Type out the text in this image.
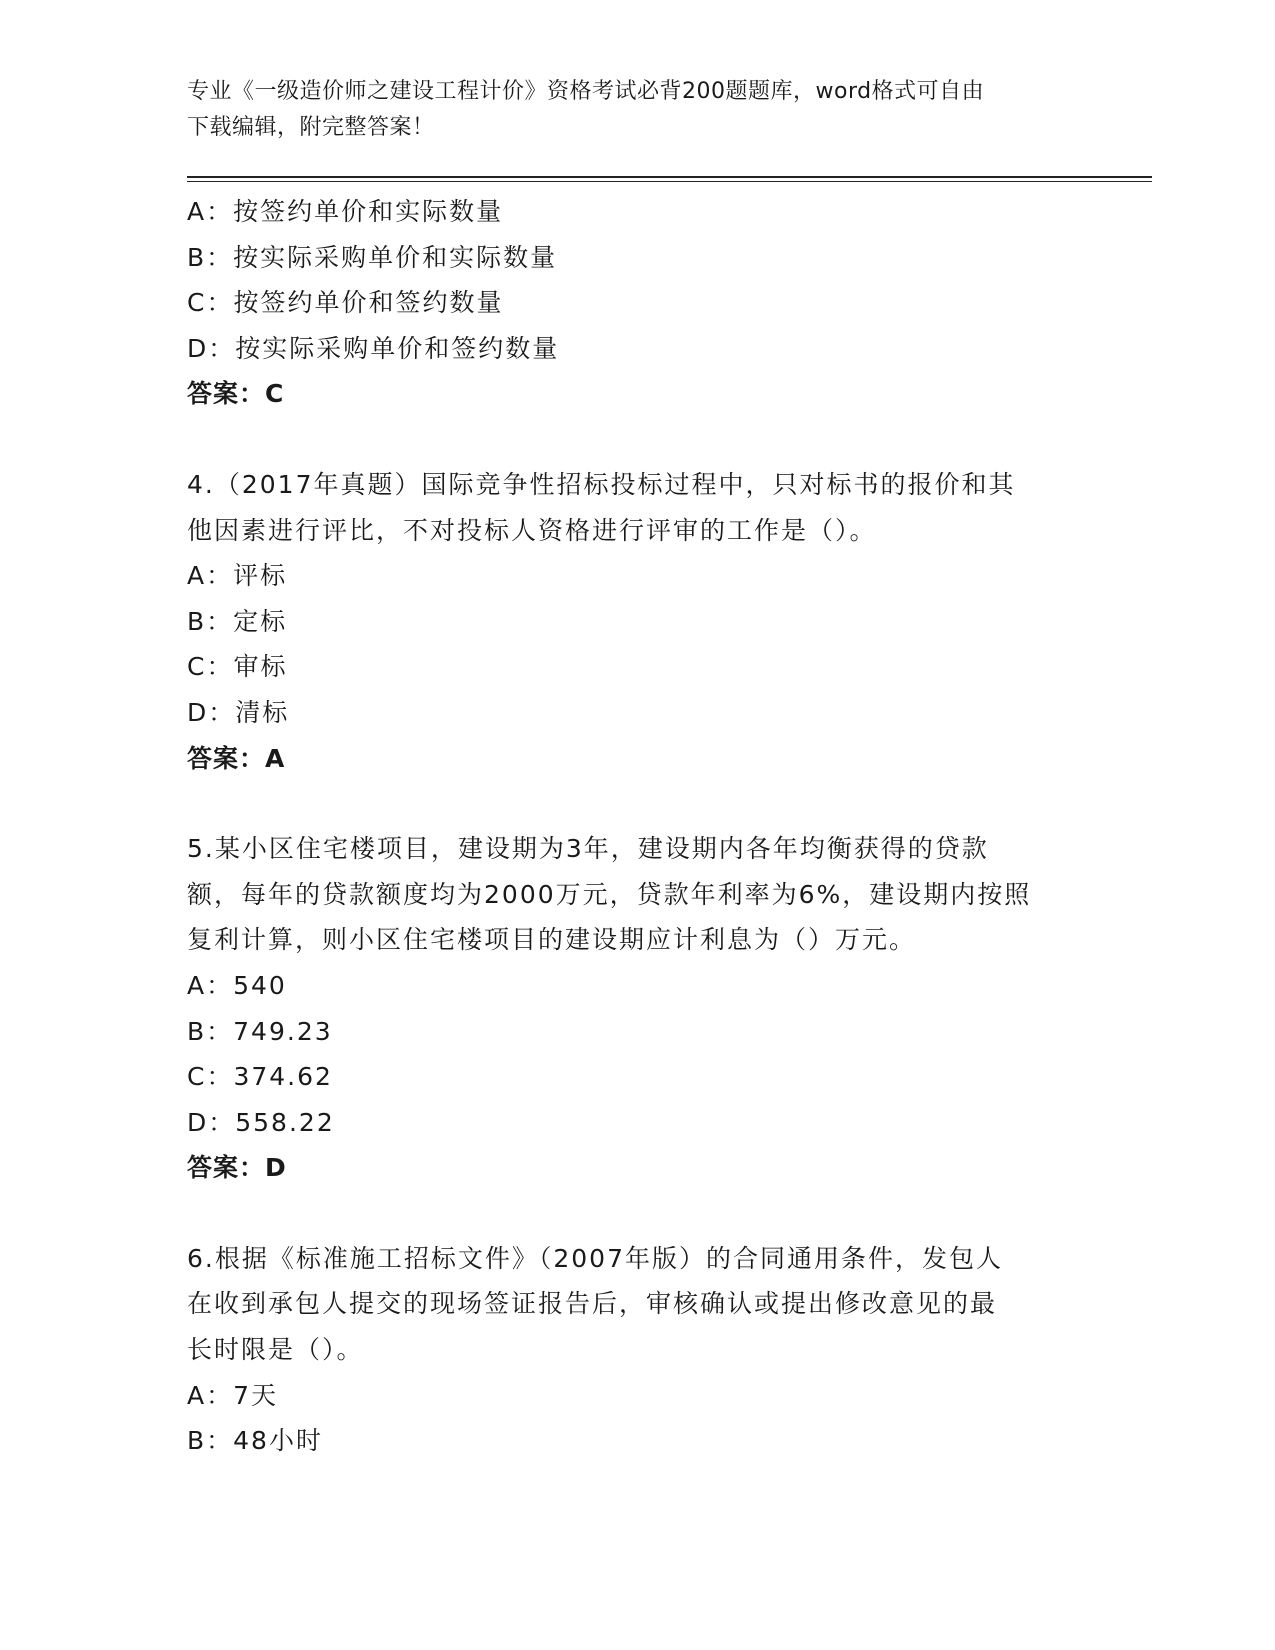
专业《一级造价师之建设工程计价》资格考试必背200题题库，word格式可自由
下载编辑，附完整答案！
A：按签约单价和实际数量
B：按实际采购单价和实际数量
C：按签约单价和签约数量
D：按实际采购单价和签约数量
答案：C
4.（2017年真题）国际竞争性招标投标过程中，只对标书的报价和其
他因素进行评比，不对投标人资格进行评审的工作是（）。
A：评标
B：定标
C：审标
D：清标
答案：A
5.某小区住宅楼项目，建设期为3年，建设期内各年均衡获得的贷款
额，每年的贷款额度均为2000万元，贷款年利率为6%，建设期内按照
复利计算，则小区住宅楼项目的建设期应计利息为（）万元。
A：540
B：749.23
C：374.62
D：558.22
答案：D
6.根据《标准施工招标文件》（2007年版）的合同通用条件，发包人
在收到承包人提交的现场签证报告后，审核确认或提出修改意见的最
长时限是（）。
A：7天
B：48小时
